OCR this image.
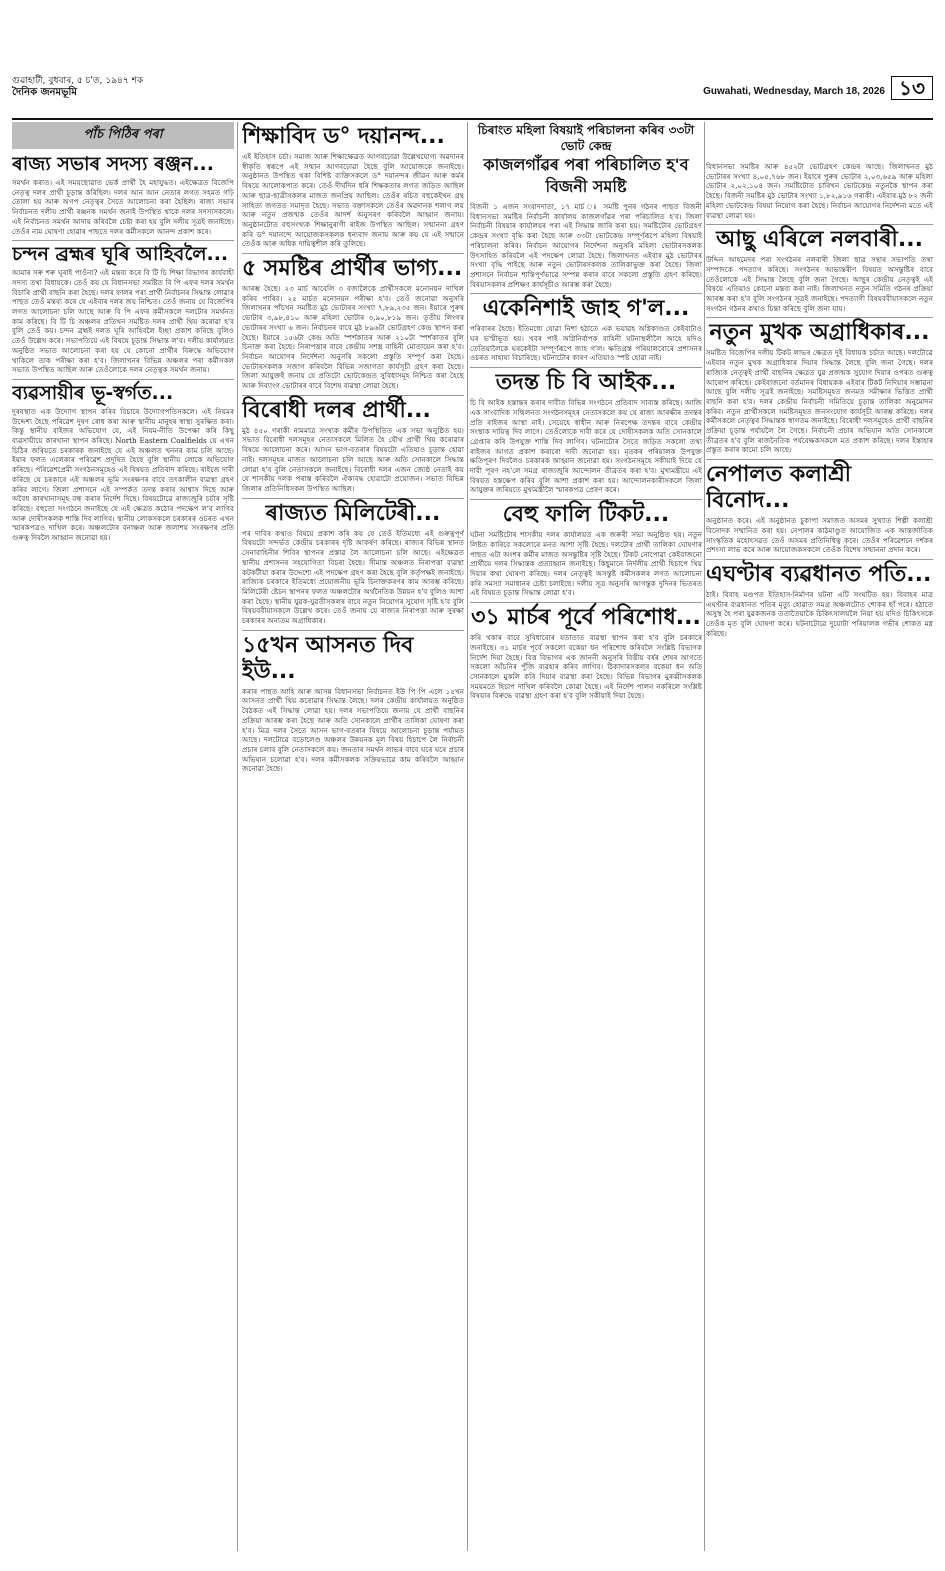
গুৱাহাটী, বুধবাৰ, ৫ চ'ত, ১৯৪৭ শক
দৈনিক জনমভূমি	Guwahati, Wednesday, March 18, 2026 ১৩
পাঁচ পিঠিৰ পৰা
ৰাজ্য সভাৰ সদস্য ৰঞ্জন...

সমৰ্থন কৰাত। এই সময়ছোৱাত ভেৰ্ক প্ৰাৰ্থী হৈ মহাযুদ্ধত। এইক্ষেত্ৰত বিজেপি নেতৃত্ব দলৰ প্ৰাৰ্থী চূড়ান্ত কৰিছিল। দলৰ আন আন নেতাৰ লগত সহমত গঢ়ি তোলা হয় আৰু অগপ নেতৃত্বৰ সৈতে আলোচনা কৰা হৈছিল। ৰাজ্য সভাৰ নিৰ্বাচনত দলীয় প্ৰাৰ্থী ৰঞ্জনক সমৰ্থন জনাই উপস্থিত থাকে দলৰ সদস্যসকলে। এই নিৰ্বাচনত সমৰ্থন আদায় কৰিবলৈ চেষ্টা কৰা হয় বুলি দলীয় সূত্ৰই জনাইছে। তেওঁৰ নাম ঘোষণা হোৱাৰ পাছতে দলৰ কৰ্মীসকলে আনন্দ প্ৰকাশ কৰে।

চন্দন ব্ৰহ্মৰ ঘূৰি আহিবলৈ...

আমাৰ সৰু শৰু ঘূৰাই পাওঁনা? এই মন্তব্য কৰে বি টি চি শিক্ষা বিভাগৰ কাৰ্যবাহী সদস্য তথা বিধায়কে। তেওঁ কয় যে বিধানসভা সমষ্টিত বি পি এফৰ দলৰ সমৰ্থন বিচাৰি প্ৰাৰ্থী বাছনি কৰা হৈছে। দলৰ ফালৰ পৰা প্ৰাৰ্থী নিৰ্বাচনৰ সিদ্ধান্ত লোৱাৰ পাছত তেওঁ মন্তব্য কৰে যে এইবাৰ দলৰ জয় নিশ্চিত। তেওঁ জনায় যে বিজেপিৰ লগত আলোচনা চলি আছে আৰু বি পি এফৰ কৰ্মীসকলে দলটোৰ সমৰ্থনত কাম কৰিছে। বি টি চি অঞ্চলৰ প্ৰতিখন সমষ্টিত দলৰ প্ৰাৰ্থী থিয় কৰোৱা হ'ব বুলি তেওঁ কয়। চন্দন ব্ৰহ্মই দলত ঘূৰি আহিবলৈ ইচ্ছা প্ৰকাশ কৰিছে বুলিও তেওঁ উল্লেখ কৰে। সভাপতিয়ে এই বিষয়ে চূড়ান্ত সিদ্ধান্ত ল'ব। দলীয় কাৰ্যালয়ত অনুষ্ঠিত সভাত আলোচনা কৰা হয় যে কোনো প্ৰাৰ্থীৰ বিৰুদ্ধে অভিযোগ থাকিলে তাক পৰীক্ষা কৰা হ'ব। জিলাখনৰ বিভিন্ন অঞ্চলৰ পৰা কৰ্মীসকল সভাত উপস্থিত আছিল আৰু তেওঁলোকে দলৰ নেতৃত্বক সমৰ্থন জনায়।

ব্যৱসায়ীৰ ভূ-স্বৰ্গত...

দুৰবস্থাত এক উদ্যোগ স্থাপন কৰিব বিচাৰে উদ্যোগপতিসকলে। এই নিয়মৰ উদ্দেশ্য হৈছে পৰিৱেশ দুষণ ৰোধ কৰা আৰু স্থানীয় মানুহৰ স্বাস্থ্য সুৰক্ষিত কৰা। কিন্তু স্থানীয় বাইজৰ অভিযোগ যে, এই নিয়ম-নীতি উপেক্ষা কৰি কিছু ব্যৱসায়ীয়ে কাৰখানা স্থাপন কৰিছে। North Eastern Coalfields য়ে এখন চিঠিৰ জৰিয়তে চৰকাৰক জনাইছে যে এই অঞ্চলত খননৰ কাম চলি আছে। ইয়াৰ ফলত এলেকাৰ পৰিৱেশ প্ৰদূষিত হৈছে বুলি স্থানীয় লোকে অভিযোগ কৰিছে। পৰিৱেশপ্ৰেমী সংগঠনসমূহেও এই বিষয়ত প্ৰতিবাদ কৰিছে। ৰাইজে দাবী কৰিছে যে চৰকাৰে এই অঞ্চলৰ ভূমি সংৰক্ষণৰ বাবে তৎকালীন ব্যৱস্থা গ্ৰহণ কৰিব লাগে। জিলা প্ৰশাসনে এই সম্পৰ্কত তদন্ত কৰাৰ আশ্বাস দিছে আৰু অবৈধ কাৰখানাসমূহ বন্ধ কৰাৰ নিৰ্দেশ দিছে। বিষয়টোৱে ৰাজ্যজুৰি চৰ্চাৰ সৃষ্টি কৰিছে। বহুতো সংগঠনে জনাইছে যে এই ক্ষেত্ৰত কঠোৰ পদক্ষেপ ল'ব লাগিব আৰু দোষীসকলক শাস্তি দিব লাগিব। স্থানীয় লোকসকলে চৰকাৰৰ ওচৰত এখন স্মাৰকপত্ৰও দাখিল কৰে। অঞ্চলটোৰ বনাঞ্চল আৰু জলাশয় সংৰক্ষণৰ প্ৰতি গুৰুত্ব দিবলৈ আহ্বান জনোৱা হয়।

শিক্ষাবিদ ড° দয়ানন্দ...

এই ইতিহাস চৰ্চা। সমাজ আৰু শিক্ষাক্ষেত্ৰত আগবঢ়োৱা উল্লেখযোগ্য অৱদানৰ স্বীকৃতি স্বৰূপে এই সন্মান আগবঢ়োৱা হৈছে বুলি আয়োজকে জনাইছে। অনুষ্ঠানত উপস্থিত থকা বিশিষ্ট ব্যক্তিসকলে ড° দয়ানন্দৰ জীৱন আৰু কৰ্মৰ বিষয়ে আলোকপাত কৰে। তেওঁ দীৰ্ঘদিন ধৰি শিক্ষকতাৰ লগত জড়িত আছিল আৰু ছাত্ৰ-ছাত্ৰীসকলৰ মাজত জনপ্ৰিয় আছিল। তেওঁৰ ৰচিত বহুকেইখন গ্ৰন্থ সাহিত্য জগতত সমাদৃত হৈছে। সভাত বক্তাসকলে তেওঁৰ অৱদানক শলাগ লয় আৰু নতুন প্ৰজন্মক তেওঁৰ আদৰ্শ অনুসৰণ কৰিবলৈ আহ্বান জনায়। অনুষ্ঠানটোত বহুসংখ্যক শিক্ষানুৰাগী ৰাইজ উপস্থিত আছিল। সন্মাননা গ্ৰহণ কৰি ড° দয়ানন্দে আয়োজকসকলক ধন্যবাদ জনায় আৰু কয় যে এই সন্মানে তেওঁক আৰু অধিক দায়িত্বশীল কৰি তুলিছে।

৫ সমষ্টিৰ প্ৰাৰ্থীৰ ভাগ্য...

আৰম্ভ হৈছে। ২৩ মাৰ্চ আবেলি ৩ বজালৈকে প্ৰাৰ্থীসকলে মনোনয়ন দাখিল কৰিব পাৰিব। ২৫ মাৰ্চত মনোনয়ন পৰীক্ষা হ'ব। তেওঁ জনোৱা অনুসৰি জিলাখনৰ পাঁচখন সমষ্টিত মুঠ ভোটাৰৰ সংখ্যা ৭,৮৯,২৩৫ জন। ইয়াৰে পুৰুষ ভোটাৰ ৩,৯৮,৪১০ আৰু মহিলা ভোটাৰ ৩,৯০,৮১৯ জন। তৃতীয় লিংগৰ ভোটাৰৰ সংখ্যা ৬ জন। নিৰ্বাচনৰ বাবে মুঠ ৮৯৬টা ভোটগ্ৰহণ কেন্দ্ৰ স্থাপন কৰা হৈছে। ইয়াৰে ১৫৬টা কেন্দ্ৰ অতি স্পৰ্শকাতৰ আৰু ২১০টা স্পৰ্শকাতৰ বুলি চিনাক্ত কৰা হৈছে। নিৰাপত্তাৰ বাবে কেন্দ্ৰীয় সশস্ত্ৰ বাহিনী মোতায়েন কৰা হ'ব। নিৰ্বাচন আয়োগৰ নিৰ্দেশনা অনুসৰি সকলো প্ৰস্তুতি সম্পূৰ্ণ কৰা হৈছে। ভোটাৰসকলক সজাগ কৰিবলৈ বিভিন্ন সজাগতা কাৰ্যসূচী গ্ৰহণ কৰা হৈছে। জিলা আয়ুক্তই জনায় যে প্ৰতিটো ভোটকেন্দ্ৰত সুবিধাসমূহ নিশ্চিত কৰা হৈছে আৰু দিব্যাংগ ভোটাৰৰ বাবে বিশেষ ব্যৱস্থা লোৱা হৈছে।

বিৰোধী দলৰ প্ৰাৰ্থী...

মুঠ ৪৫০ গৰাকী নামমাত্ৰ সংখ্যক কৰ্মীৰ উপস্থিতিত এক সভা অনুষ্ঠিত হয়। সভাত বিৰোধী দলসমূহৰ নেতাসকলে মিলিত হৈ যৌথ প্ৰাৰ্থী থিয় কৰোৱাৰ বিষয়ে আলোচনা কৰে। আসন ভাগ-বতৰাৰ বিষয়টো এতিয়াও চূড়ান্ত হোৱা নাই। দলসমূহৰ মাজত আলোচনা চলি আছে আৰু অতি সোনকালে সিদ্ধান্ত লোৱা হ'ব বুলি নেতাসকলে জনাইছে। বিৰোধী দলৰ এজন জ্যেষ্ঠ নেতাই কয় যে শাসকীয় দলক পৰাস্ত কৰিবলৈ ঐক্যবদ্ধ হোৱাটো প্ৰয়োজন। সভাত বিভিন্ন জিলাৰ প্ৰতিনিধিসকল উপস্থিত আছিল।

ৰাজ্যত মিলিটেৰী...

পৰ দাবিৰ কথাও বিষয়ে প্ৰকাশ কৰি কয় যে তেওঁ ইতিমধ্যে এই গুৰুত্বপূৰ্ণ বিষয়টো সন্দৰ্ভত কেন্দ্ৰীয় চৰকাৰৰ দৃষ্টি আকৰ্ষণ কৰিছে। ৰাজ্যৰ বিভিন্ন স্থানত সেনাবাহিনীৰ শিবিৰ স্থাপনৰ প্ৰস্তাৱ লৈ আলোচনা চলি আছে। এইক্ষেত্ৰত স্থানীয় প্ৰশাসনৰ সহযোগিতা বিচৰা হৈছে। সীমান্ত অঞ্চলত নিৰাপত্তা ব্যৱস্থা কটকটীয়া কৰাৰ উদ্দেশ্যে এই পদক্ষেপ গ্ৰহণ কৰা হৈছে বুলি কৰ্তৃপক্ষই জনাইছে। ৰাজ্যিক চৰকাৰে ইতিমধ্যে প্ৰয়োজনীয় ভূমি চিনাক্তকৰণৰ কাম আৰম্ভ কৰিছে। মিলিটেৰী ষ্টেচন স্থাপনৰ ফলত অঞ্চলটোৰ অৰ্থনৈতিক উন্নয়ন হ'ব বুলিও আশা কৰা হৈছে। স্থানীয় যুৱক-যুৱতীসকলৰ বাবে নতুন নিয়োগৰ সুযোগ সৃষ্টি হ'ব বুলি বিষয়ববীয়াসকলে উল্লেখ কৰে। তেওঁ জনায় যে ৰাজ্যৰ নিৰাপত্তা আৰু সুৰক্ষা চৰকাৰৰ অন্যতম অগ্ৰাধিকাৰ।

১৫খন আসনত দিব ইউ...

কৰাৰ পাছত আহি আৰু আসন্ন বিধানসভা নিৰ্বাচনত ইউ পি পি এলে ১৫খন আসনত প্ৰাৰ্থী থিয় কৰোৱাৰ সিদ্ধান্ত লৈছে। দলৰ কেন্দ্ৰীয় কাৰ্যালয়ত অনুষ্ঠিত বৈঠকত এই সিদ্ধান্ত লোৱা হয়। দলৰ সভাপতিয়ে জনায় যে প্ৰাৰ্থী বাছনিৰ প্ৰক্ৰিয়া আৰম্ভ কৰা হৈছে আৰু অতি সোনকালে প্ৰাৰ্থীৰ তালিকা ঘোষণা কৰা হ'ব। মিত্ৰ দলৰ সৈতে আসন ভাগ-বতৰাৰ বিষয়ে আলোচনা চূড়ান্ত পৰ্যায়ত আছে। দলটোৱে বড়োলেণ্ড অঞ্চলৰ উন্নয়নক মূল বিষয় হিচাপে লৈ নিৰ্বাচনী প্ৰচাৰ চলাব বুলি নেতাসকলে কয়। জনতাৰ সমৰ্থন লাভৰ বাবে ঘৰে ঘৰে প্ৰচাৰ অভিযান চলোৱা হ'ব। দলৰ কৰ্মীসকলক সক্ৰিয়ভাৱে কাম কৰিবলৈ আহ্বান জনোৱা হৈছে।

চিৰাংত মহিলা বিষয়াই পৰিচালনা কৰিব ৩৩টা ভোট কেন্দ্ৰ
কাজলগাঁৱৰ পৰা পৰিচালিত হ'ব বিজনী সমষ্টি

বিজনী ১ এজন সংবাদদাতা, ১৭ মাৰ্চ ঃ সমষ্টি পুনৰ গঠনৰ পাছত বিজনী বিধানসভা সমষ্টিৰ নিৰ্বাচনী কাৰ্যালয় কাজলগাঁৱৰ পৰা পৰিচালিত হ'ব। জিলা নিৰ্বাচনী বিষয়াৰ কাৰ্যালয়ৰ পৰা এই সিদ্ধান্ত জাৰি কৰা হয়। সমষ্টিটোৰ ভোটগ্ৰহণ কেন্দ্ৰৰ সংখ্যা বৃদ্ধি কৰা হৈছে আৰু ৩৩টা ভোটকেন্দ্ৰ সম্পূৰ্ণৰূপে মহিলা বিষয়াই পৰিচালনা কৰিব। নিৰ্বাচন আয়োগৰ নিৰ্দেশনা অনুসৰি মহিলা ভোটাৰসকলক উৎসাহিত কৰিবলৈ এই পদক্ষেপ লোৱা হৈছে। জিলাখনত এইবাৰ মুঠ ভোটাৰৰ সংখ্যা বৃদ্ধি পাইছে আৰু নতুন ভোটাৰসকলক তালিকাভুক্ত কৰা হৈছে। জিলা প্ৰশাসনে নিৰ্বাচন শান্তিপূৰ্ণভাৱে সম্পন্ন কৰাৰ বাবে সকলো প্ৰস্তুতি গ্ৰহণ কৰিছে। বিষয়াসকলৰ প্ৰশিক্ষণ কাৰ্যসূচীও আৰম্ভ কৰা হৈছে।

একেনিশাই জাহ গ'ল...

পৰিবাৰৰ হৈছে। ইতিমধ্যে যোৱা নিশা হঠাতে এক ভয়াৱহ অগ্নিকাণ্ডত কেইবাটাও ঘৰ ভস্মীভূত হয়। খবৰ পাই অগ্নিনিৰ্বাপক বাহিনী ঘটনাস্থলীলৈ আহে যদিও তেতিয়ালৈকে ঘৰকেইটা সম্পূৰ্ণৰূপে জাহ গ'ল। ক্ষতিগ্ৰস্ত পৰিয়ালবোৰে প্ৰশাসনৰ ওচৰত সাহায্য বিচাৰিছে। ঘটনাটোৰ কাৰণ এতিয়াও স্পষ্ট হোৱা নাই।

তদন্ত চি বি আইক...

চি বি আইক হস্তান্তৰ কৰাৰ দাবীত বিভিন্ন সংগঠনে প্ৰতিবাদ সাব্যস্ত কৰিছে। আজি এক সাংবাদিক সন্মিলনত সংগঠনসমূহৰ নেতাসকলে কয় যে ৰাজ্য আৰক্ষীৰ তদন্তৰ প্ৰতি ৰাইজৰ আস্থা নাই। সেয়েহে স্বাধীন আৰু নিৰপেক্ষ তদন্তৰ বাবে কেন্দ্ৰীয় সংস্থাক দায়িত্ব দিব লাগে। তেওঁলোকে দাবী কৰে যে দোষীসকলক অতি সোনকালে গ্ৰেপ্তাৰ কৰি উপযুক্ত শাস্তি দিব লাগিব। ঘটনাটোৰ সৈতে জড়িত সকলো তথ্য ৰাইজৰ আগত প্ৰকাশ কৰাৰো দাবী জনোৱা হয়। মৃতকৰ পৰিয়ালক উপযুক্ত ক্ষতিপূৰণ দিবলৈও চৰকাৰক আহ্বান জনোৱা হয়। সংগঠনসমূহে সকীয়াই দিয়ে যে দাবী পূৰণ নহ'লে সমগ্ৰ ৰাজ্যজুৰি আন্দোলন তীব্ৰতৰ কৰা হ'ব। মুখ্যমন্ত্ৰীয়ে এই বিষয়ত হস্তক্ষেপ কৰিব বুলি আশা প্ৰকাশ কৰা হয়। আন্দোলনকাৰীসকলে জিলা আয়ুক্তৰ জৰিয়তে মুখ্যমন্ত্ৰীলৈ স্মাৰকপত্ৰ প্ৰেৰণ কৰে।

বেহু ফালি টিকট...

ঘটনা সমষ্টিটোৰ শাসকীয় দলৰ কাৰ্যালয়ত এক জৰুৰী সভা অনুষ্ঠিত হয়। নতুন লিষ্টত কাৰিবে সকলোৰে মনত আশা সৃষ্টি হৈছে। দলটোৰ প্ৰাৰ্থী তালিকা ঘোষণাৰ পাছত এটা অংশৰ কৰ্মীৰ মাজত অসন্তুষ্টিৰ সৃষ্টি হৈছে। টিকট নোপোৱা কেইবাজনো প্ৰাৰ্থীয়ে দলৰ সিদ্ধান্তক প্ৰত্যাহ্বান জনাইছে। কিছুমানে নিৰ্দলীয় প্ৰাৰ্থী হিচাপে থিয় দিয়াৰ কথা ঘোষণা কৰিছে। দলৰ নেতৃত্বই অসন্তুষ্ট কৰ্মীসকলৰ লগত আলোচনা কৰি সমস্যা সমাধানৰ চেষ্টা চলাইছে। দলীয় সূত্ৰ অনুসৰি আগন্তুক দুদিনৰ ভিতৰত এই বিষয়ত চূড়ান্ত সিদ্ধান্ত লোৱা হ'ব।

৩১ মাৰ্চৰ পূৰ্বে পৰিশোধ...

কৰি থকাৰ বাবে সুবিধাবোৰ যতাতাত ব্যৱস্থা স্থাপন কৰা হ'ব বুলি চৰকাৰে জনাইছে। ৩১ মাৰ্চৰ পূৰ্বে সকলো বকেয়া ধন পৰিশোধ কৰিবলৈ সংশ্লিষ্ট বিভাগক নিৰ্দেশ দিয়া হৈছে। বিত্ত বিভাগৰ এক জাননী অনুসৰি বিত্তীয় বৰ্ষৰ শেষৰ আগতে সকলো আঁচনিৰ পুঁজি ব্যৱহাৰ কৰিব লাগিব। ঠিকাদাৰসকলৰ বকেয়া ধন অতি সোনকালে মুকলি কৰি দিয়াৰ ব্যৱস্থা কৰা হৈছে। বিভিন্ন বিভাগৰ মুৰব্বীসকলক সময়মতে হিচাপ দাখিল কৰিবলৈ কোৱা হৈছে। এই নিৰ্দেশ পালন নকৰিলে সংশ্লিষ্ট বিষয়াৰ বিৰুদ্ধে ব্যৱস্থা গ্ৰহণ কৰা হ'ব বুলি সকীয়াই দিয়া হৈছে।

বিধানসভা সমষ্টিৰ আৰু ৪৫২টা ভোটগ্ৰহণ কেন্দ্ৰৰ আছে। জিলাখনত মুঠ ভোটাৰৰ সংখ্যা ৪,০৫,৭৬৮ জন। ইয়াৰে পুৰুষ ভোটাৰ ২,০৩,৬৫৯ আৰু মহিলা ভোটাৰ ২,০২,১০৪ জন। সমষ্টিটোত চাৰিখন ভোটকেন্দ্ৰ নতুনকৈ স্থাপন কৰা হৈছে। বিজনী সমষ্টিৰ মুঠ ভোটাৰ সংখ্যা ১,৮২,৯১৬ গৰাকী। এইবাৰ মুঠ ৮২ জনী মহিলা ভোটকেন্দ্ৰ বিষয়া নিয়োগ কৰা হৈছে। নিৰ্বাচন আয়োগৰ নিৰ্দেশনা মতে এই ব্যৱস্থা লোৱা হয়।

আছু এৰিলে নলবাৰী...

উদ্দিন আহমেদৰ পৰা সংগঠনৰ নলবাৰী জিলা ছাত্ৰ সন্থাৰ সভাপতি তথা সম্পাদকে পদত্যাগ কৰিছে। সংগঠনৰ আভ্যন্তৰীণ বিষয়ত অসন্তুষ্টিৰ বাবে তেওঁলোকে এই সিদ্ধান্ত লৈছে বুলি জনা গৈছে। আছুৰ কেন্দ্ৰীয় নেতৃত্বই এই বিষয়ে এতিয়াও কোনো মন্তব্য কৰা নাই। জিলাখনত নতুন সমিতি গঠনৰ প্ৰক্ৰিয়া আৰম্ভ কৰা হ'ব বুলি সংগঠনৰ সূত্ৰই জনাইছে। পদত্যাগী বিষয়ববীয়াসকলে নতুন সংগঠন গঠনৰ কথাও চিন্তা কৰিছে বুলি জনা যায়।

নতুন মুখক অগ্ৰাধিকাৰ...

সমষ্টিত বিজেপিৰ দলীয় টিকট লাভৰ ক্ষেত্ৰত দুই বিধায়ক চৰ্চাত আছে। দলটোৱে এইবাৰ নতুন মুখক অগ্ৰাধিকাৰ দিয়াৰ সিদ্ধান্ত লৈছে বুলি জনা গৈছে। দলৰ ৰাজ্যিক নেতৃত্বই প্ৰাৰ্থী বাছনিৰ ক্ষেত্ৰত যুৱ প্ৰজন্মক সুযোগ দিয়াৰ ওপৰত গুৰুত্ব আৰোপ কৰিছে। কেইবাজনো বৰ্তমানৰ বিধায়কক এইবাৰ টিকট নিদিয়াৰ সম্ভাৱনা আছে বুলি দলীয় সূত্ৰই জনাইছে। সমষ্টিসমূহত জনমত সমীক্ষাৰ ভিত্তিত প্ৰাৰ্থী বাছনি কৰা হ'ব। দলৰ কেন্দ্ৰীয় নিৰ্বাচনী সমিতিয়ে চূড়ান্ত তালিকা অনুমোদন কৰিব। নতুন প্ৰাৰ্থীসকলে সমষ্টিসমূহত জনসংযোগ কাৰ্যসূচী আৰম্ভ কৰিছে। দলৰ কৰ্মীসকলে নেতৃত্বৰ সিদ্ধান্তক স্বাগতম জনাইছে। বিৰোধী দলসমূহেও প্ৰাৰ্থী বাছনিৰ প্ৰক্ৰিয়া চূড়ান্ত পৰ্যায়লৈ লৈ গৈছে। নিৰ্বাচনী প্ৰচাৰ অভিযান অতি সোনকালে তীব্ৰতৰ হ'ব বুলি ৰাজনৈতিক পৰ্যবেক্ষকসকলে মত প্ৰকাশ কৰিছে। দলৰ ইস্তাহাৰ প্ৰস্তুত কৰাৰ কামো চলি আছে।

নেপালত কলাশ্ৰী বিনোদ...

অনুষ্ঠানত কৰে। এই অনুষ্ঠানত চুকাপা সমাজত অসমৰ সুখ্যাত শিল্পী কলাশ্ৰী বিনোদক সন্মানিত কৰা হয়। নেপালৰ কাঠমাণ্ডুত আয়োজিত এক আন্তৰ্জাতিক সাংস্কৃতিক মহোৎসৱত তেওঁ অসমৰ প্ৰতিনিধিত্ব কৰে। তেওঁৰ পৰিৱেশনে দৰ্শকৰ প্ৰশংসা লাভ কৰে আৰু আয়োজকসকলে তেওঁক বিশেষ সন্মাননা প্ৰদান কৰে।

এঘণ্টাৰ ব্যৱধানত পতি...

ঠাই। বিবাহ মণ্ডপত ইতিহাস-নিৰ্মাণৰ ঘটনা এটি সংঘটিত হয়। বিবাহৰ মাত্ৰ এঘণ্টাৰ ব্যৱধানত পতিৰ মৃত্যু হোৱাত সমগ্ৰ অঞ্চলটোত শোকৰ ছাঁ পৰে। হঠাতে অসুস্থ হৈ পৰা যুৱকজনক ততাতৈয়াকৈ চিকিৎসালয়লৈ নিয়া হয় যদিও চিকিৎসকে তেওঁক মৃত বুলি ঘোষণা কৰে। ঘটনাটোৱে দুয়োটা পৰিয়ালক গভীৰ শোকত মগ্ন কৰিছে।
